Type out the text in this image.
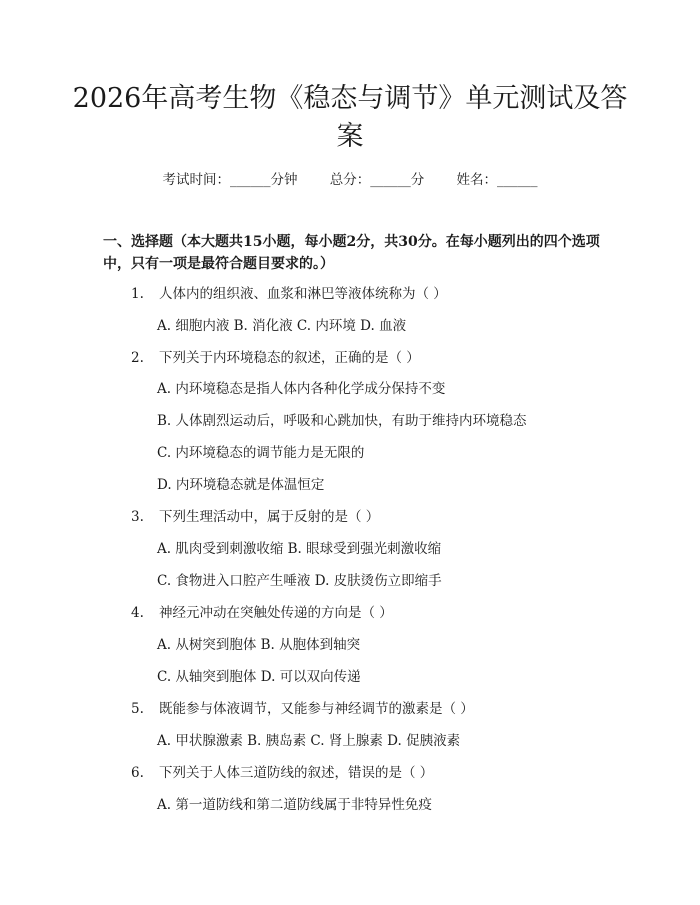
2026年高考生物《稳态与调节》单元测试及答案
考试时间：______分钟 总分：______分 姓名：______

一、选择题（本大题共15小题，每小题2分，共30分。在每小题列出的四个选项中，只有一项是最符合题目要求的。）

1. 人体内的组织液、血浆和淋巴等液体统称为（ ）
A. 细胞内液 B. 消化液 C. 内环境 D. 血液
2. 下列关于内环境稳态的叙述，正确的是（ ）
A. 内环境稳态是指人体内各种化学成分保持不变
B. 人体剧烈运动后，呼吸和心跳加快，有助于维持内环境稳态
C. 内环境稳态的调节能力是无限的
D. 内环境稳态就是体温恒定
3. 下列生理活动中，属于反射的是（ ）
A. 肌肉受到刺激收缩 B. 眼球受到强光刺激收缩
C. 食物进入口腔产生唾液 D. 皮肤烫伤立即缩手
4. 神经元冲动在突触处传递的方向是（ ）
A. 从树突到胞体 B. 从胞体到轴突
C. 从轴突到胞体 D. 可以双向传递
5. 既能参与体液调节，又能参与神经调节的激素是（ ）
A. 甲状腺激素 B. 胰岛素 C. 肾上腺素 D. 促胰液素
6. 下列关于人体三道防线的叙述，错误的是（ ）
A. 第一道防线和第二道防线属于非特异性免疫
